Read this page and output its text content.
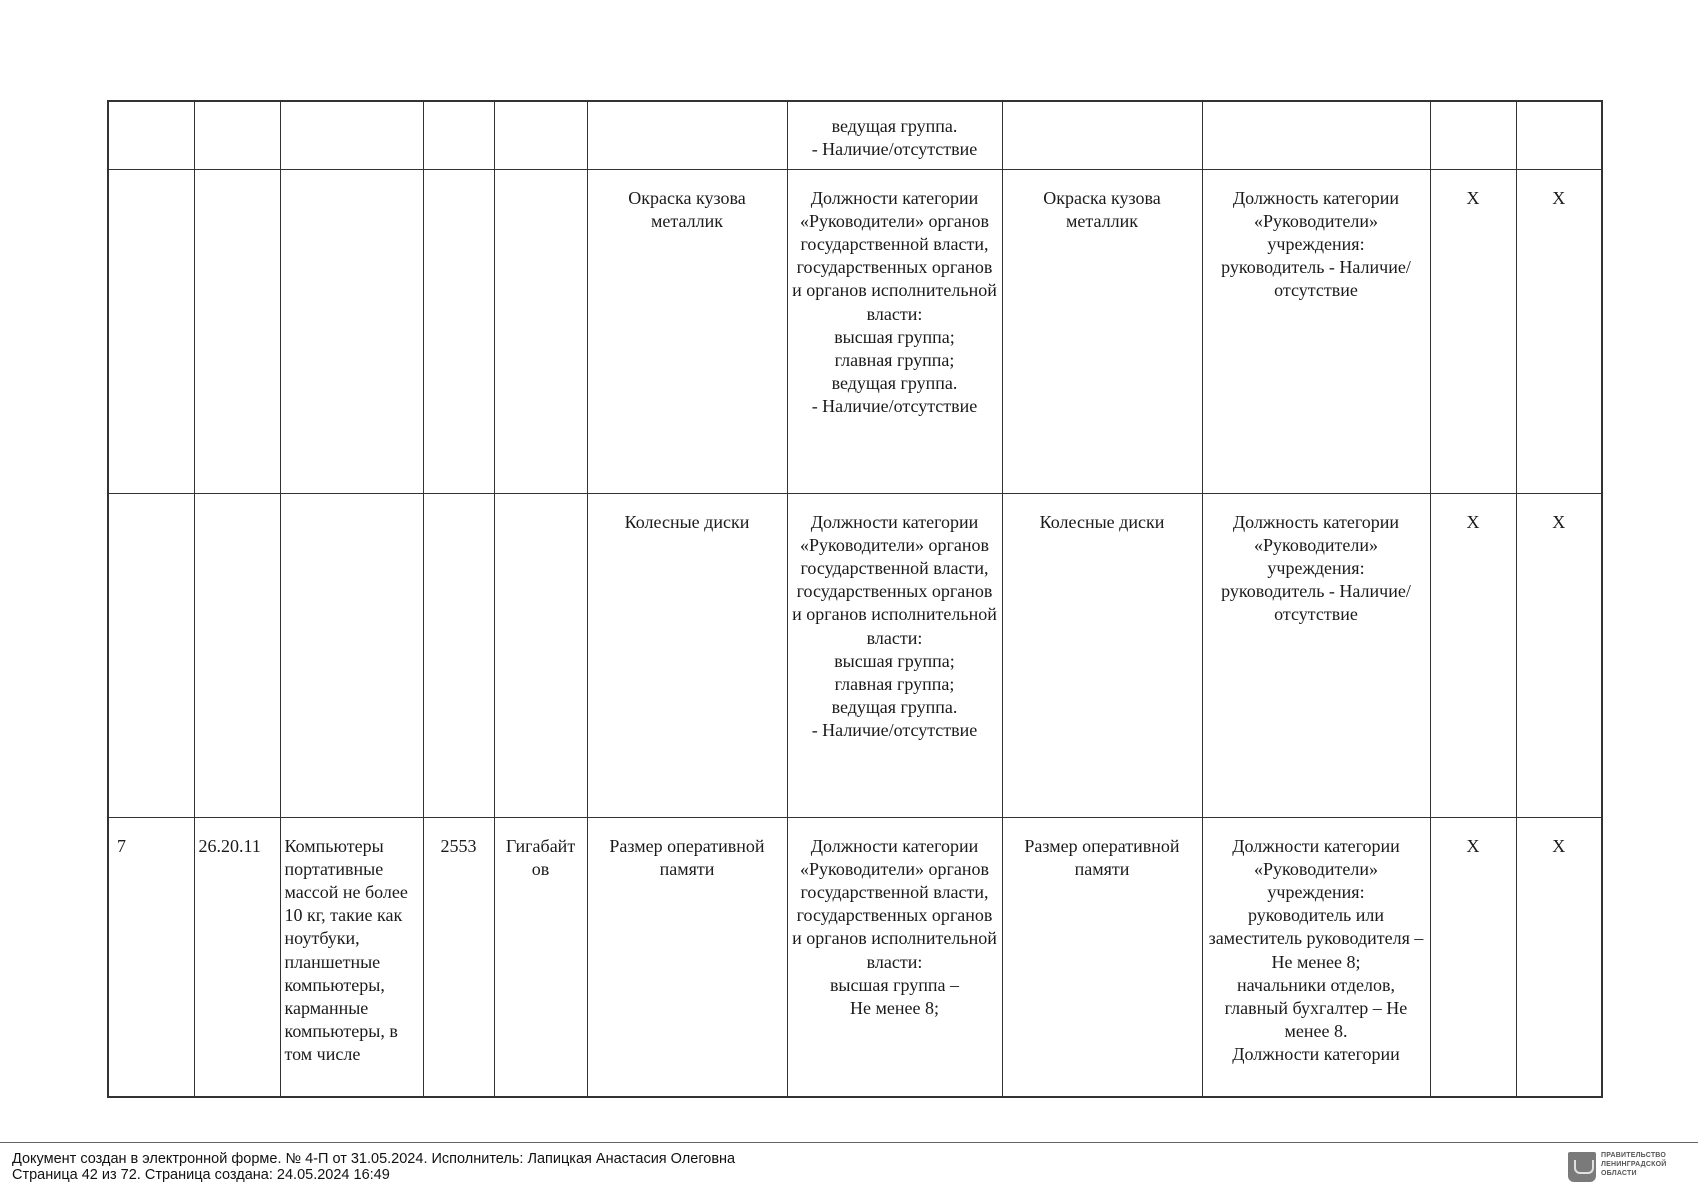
						ведущая группа.
- Наличие/отсутствие				
					Окраска кузова металлик	Должности категории «Руководители» органов государственной власти, государственных органов и органов исполнительной власти:
высшая группа;
главная группа;
ведущая группа.
- Наличие/отсутствие	Окраска кузова металлик	Должность категории «Руководители» учреждения:
руководитель - Наличие/отсутствие	X	X
					Колесные диски	Должности категории «Руководители» органов государственной власти, государственных органов и органов исполнительной власти:
высшая группа;
главная группа;
ведущая группа.
- Наличие/отсутствие	Колесные диски	Должность категории «Руководители» учреждения:
руководитель - Наличие/отсутствие	X	X
7	26.20.11	Компьютеры портативные массой не более 10 кг, такие как ноутбуки, планшетные компьютеры, карманные компьютеры, в том числе	2553	Гигабайт ов	Размер оперативной памяти	Должности категории «Руководители» органов государственной власти, государственных органов и органов исполнительной власти:
высшая группа –
Не менее 8;	Размер оперативной памяти	Должности категории «Руководители» учреждения:
руководитель или заместитель руководителя –
Не менее 8;
начальники отделов, главный бухгалтер – Не менее 8.
Должности категории	X	X
Документ создан в электронной форме. № 4-П от 31.05.2024. Исполнитель: Лапицкая Анастасия Олеговна
Страница 42 из 72. Страница создана: 24.05.2024 16:49
ПРАВИТЕЛЬСТВО
ЛЕНИНГРАДСКОЙ
ОБЛАСТИ
